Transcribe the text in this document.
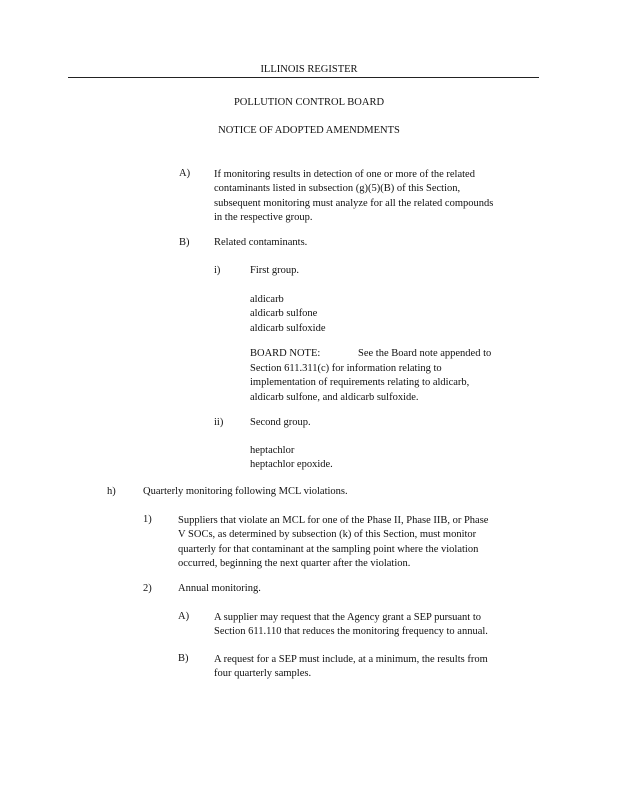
ILLINOIS REGISTER
POLLUTION CONTROL BOARD
NOTICE OF ADOPTED AMENDMENTS
A) If monitoring results in detection of one or more of the related
contaminants listed in subsection (g)(5)(B) of this Section,
subsequent monitoring must analyze for all the related compounds
in the respective group.
B) Related contaminants.
i)	First group.
aldicarb
aldicarb sulfone
aldicarb sulfoxide
BOARD NOTE:	See the Board note appended to
Section 611.311(c) for information relating to
implementation of requirements relating to aldicarb,
aldicarb sulfone, and aldicarb sulfoxide.
ii)	Second group.
heptachlor
heptachlor epoxide.
h)	Quarterly monitoring following MCL violations.
1)	Suppliers that violate an MCL for one of the Phase II, Phase IIB, or Phase
V SOCs, as determined by subsection (k) of this Section, must monitor
quarterly for that contaminant at the sampling point where the violation
occurred, beginning the next quarter after the violation.
2)	Annual monitoring.
A) A supplier may request that the Agency grant a SEP pursuant to
Section 611.110 that reduces the monitoring frequency to annual.
B) A request for a SEP must include, at a minimum, the results from
four quarterly samples.
